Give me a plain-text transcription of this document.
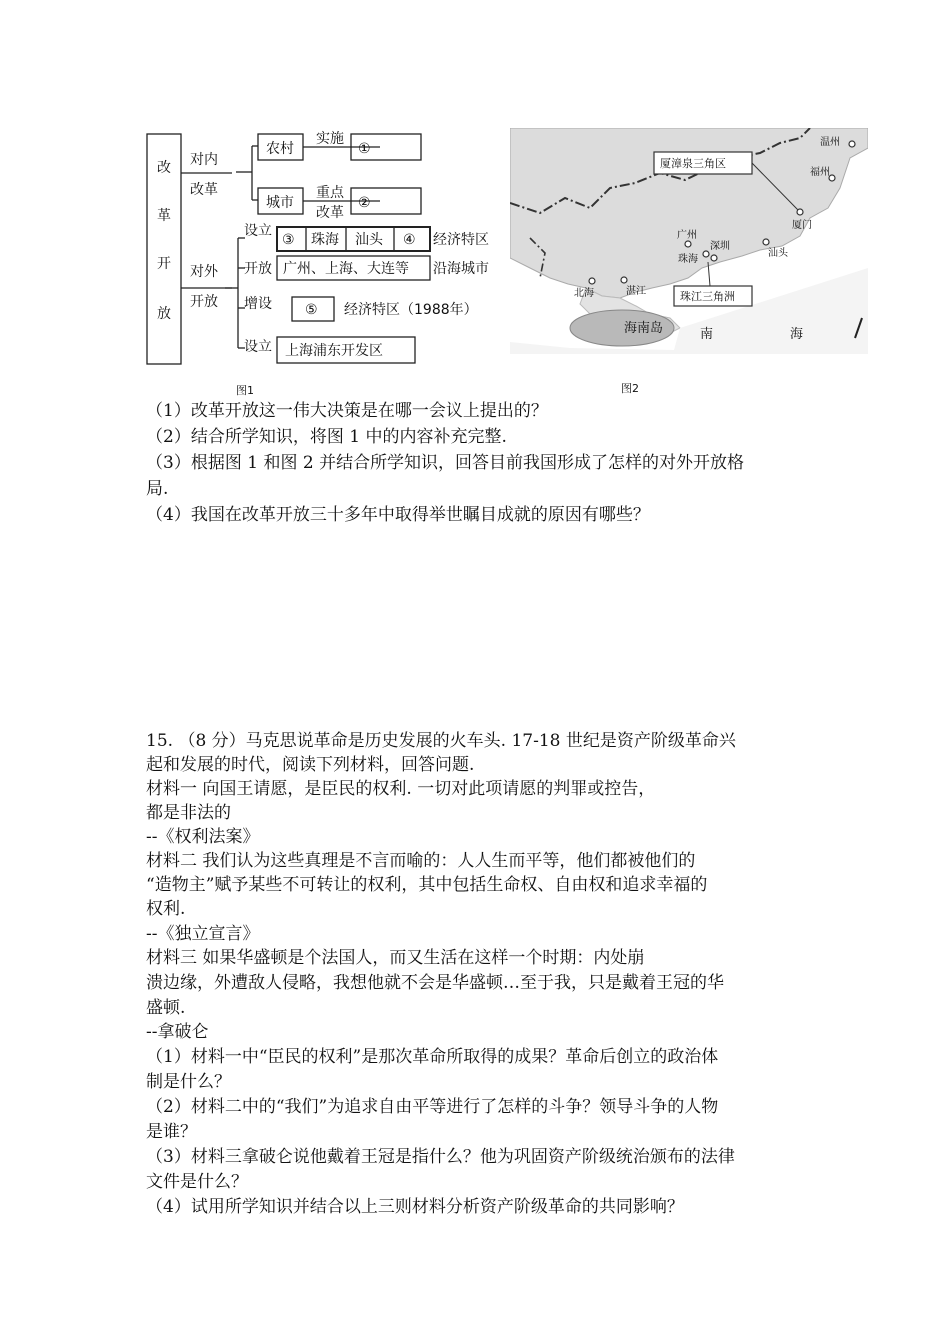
改
革
开
放
对内
改革
对外
开放
农村
实施
①
城市
重点
改革
②
设立
③ 珠海 汕头 ④ 经济特区
开放 广州、上海、大连等 沿海城市
增设 ⑤ 经济特区（1988年）
设立 上海浦东开发区
图1
温州
福州
厦门
厦漳泉三角区
广州
深圳
珠海
汕头
北海	湛江	珠江三角洲
海南岛	南	海
图2
（1）改革开放这一伟大决策是在哪一会议上提出的？
（2）结合所学知识，将图 1 中的内容补充完整.
（3）根据图 1 和图 2 并结合所学知识，回答目前我国形成了怎样的对外开放格
局.
（4）我国在改革开放三十多年中取得举世瞩目成就的原因有哪些？
15. （8 分）马克思说革命是历史发展的火车头. 17-18 世纪是资产阶级革命兴
起和发展的时代，阅读下列材料，回答问题.
材料一 向国王请愿，是臣民的权利. 一切对此项请愿的判罪或控告，
都是非法的
--《权利法案》
材料二 我们认为这些真理是不言而喻的：人人生而平等，他们都被他们的
“造物主”赋予某些不可转让的权利，其中包括生命权、自由权和追求幸福的
权利.
--《独立宣言》
材料三 如果华盛顿是个法国人，而又生活在这样一个时期：内处崩
溃边缘，外遭敌人侵略，我想他就不会是华盛顿…至于我，只是戴着王冠的华
盛顿.
--拿破仑
（1）材料一中“臣民的权利”是那次革命所取得的成果？革命后创立的政治体
制是什么？
（2）材料二中的“我们”为追求自由平等进行了怎样的斗争？领导斗争的人物
是谁？
（3）材料三拿破仑说他戴着王冠是指什么？他为巩固资产阶级统治颁布的法律
文件是什么？
（4）试用所学知识并结合以上三则材料分析资产阶级革命的共同影响？
